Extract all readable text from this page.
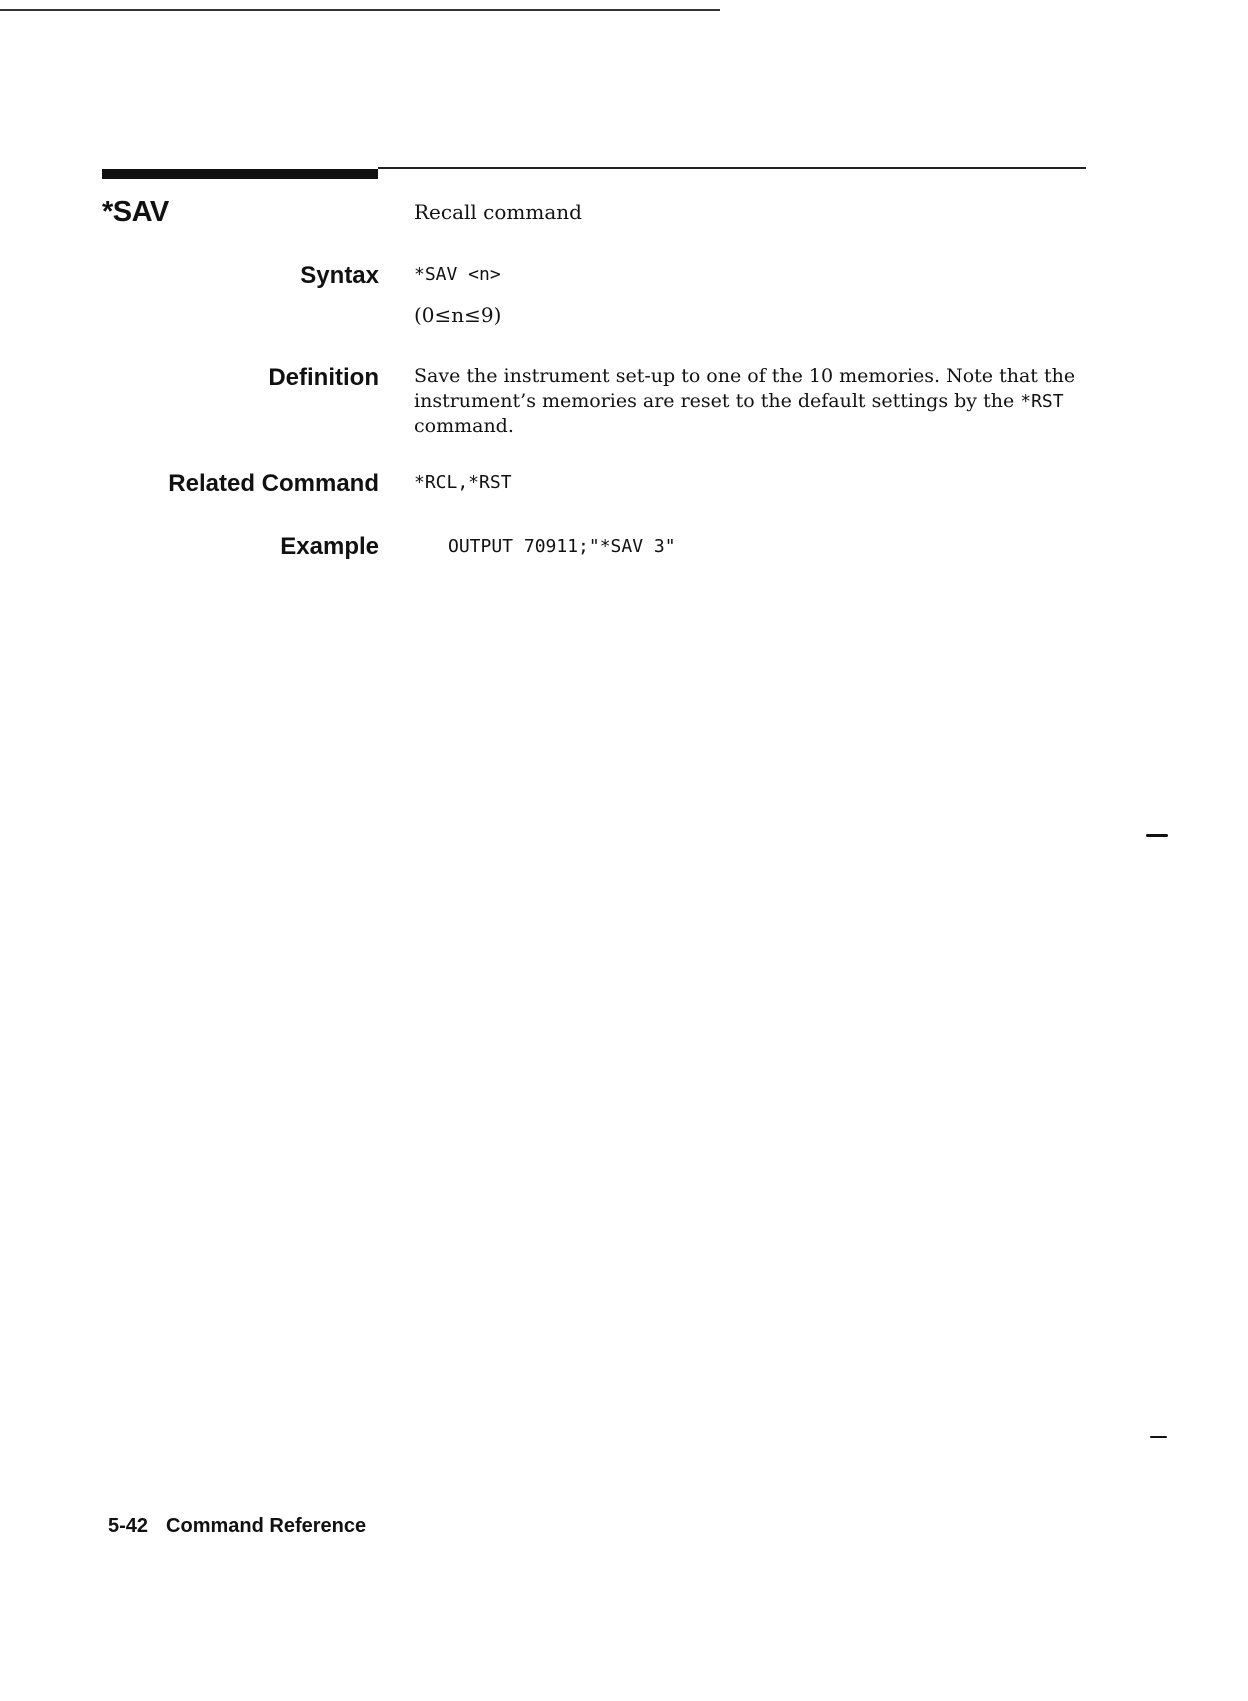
*SAV	Recall command
Syntax *SAV <n>
(0≤n≤9)
Definition Save the instrument set-up to one of the 10 memories. Note that the instrument’s memories are reset to the default settings by the *RST command.
Related Command *RCL,*RST
Example	OUTPUT 70911;"*SAV 3"
5-42 Command Reference
